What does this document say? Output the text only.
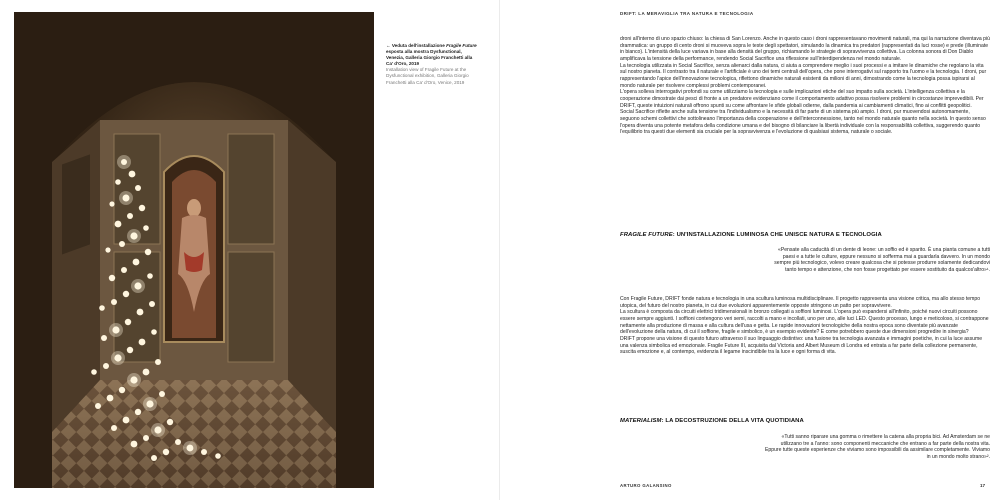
← Veduta dell'installazione Fragile Future esposta alla mostra Dysfunctional, Venezia, Galleria Giorgio Franchetti alla Ca' d'Oro, 2019
Installation view of Fragile Future at the Dysfunctional exhibition, Galleria Giorgio Franchetti alla Ca' d'Oro, Venice, 2019
DRIFT: LA MERAVIGLIA TRA NATURA E TECNOLOGIA

droni all'interno di uno spazio chiuso: la chiesa di San Lorenzo. Anche in questo caso i droni rappresentavano movimenti naturali, ma qui la narrazione diventava più drammatica: un gruppo di cento droni si muoveva sopra le teste degli spettatori, simulando la dinamica tra predatori (rappresentati da luci rosse) e prede (illuminate in bianco). L'intensità della luce variava in base alla densità del gruppo, richiamando le strategie di sopravvivenza collettiva. La colonna sonora di Don Diablo amplificava la tensione della performance, rendendo Social Sacrifice una riflessione sull'interdipendenza nel mondo naturale.

La tecnologia utilizzata in Social Sacrifice, senza alienarci dalla natura, ci aiuta a comprendere meglio i suoi processi e a imitare le dinamiche che regolano la vita sul nostro pianeta. Il contrasto tra il naturale e l'artificiale è uno dei temi centrali dell'opera, che pone interrogativi sul rapporto tra l'uomo e la tecnologia. I droni, pur rappresentando l'apice dell'innovazione tecnologica, riflettono dinamiche naturali esistenti da milioni di anni, dimostrando come la tecnologia possa ispirarsi al mondo naturale per risolvere complessi problemi contemporanei.

L'opera solleva interrogativi profondi su come utilizziamo la tecnologia e sulle implicazioni etiche del suo impatto sulla società. L'intelligenza collettiva e la cooperazione dimostrate dai pesci di fronte a un predatore evidenziano come il comportamento adattivo possa risolvere problemi in circostanze imprevedibili. Per DRIFT, queste intuizioni naturali offrono spunti su come affrontare le sfide globali odierne, dalla pandemia ai cambiamenti climatici, fino ai conflitti geopolitici.

Social Sacrifice riflette anche sulla tensione tra l'individualismo e la necessità di far parte di un sistema più ampio. I droni, pur muovendosi autonomamente, seguono schemi collettivi che sottolineano l'importanza della cooperazione e dell'interconnessione, tanto nel mondo naturale quanto nella società. In questo senso l'opera diventa una potente metafora della condizione umana e del bisogno di bilanciare la libertà individuale con la responsabilità collettiva, suggerendo quanto l'equilibrio tra questi due elementi sia cruciale per la sopravvivenza e l'evoluzione di qualsiasi sistema, naturale o sociale.

FRAGILE FUTURE: UN'INSTALLAZIONE LUMINOSA CHE UNISCE NATURA E TECNOLOGIA
«Pensate alla caducità di un dente di leone: un soffio ed è sparito. È una pianta comune a tutti paesi e a tutte le culture, eppure nessuno si sofferma mai a guardarla davvero. In un mondo sempre più tecnologico, volevo creare qualcosa che si potesse produrre solamente dedicandovi tanto tempo e attenzione, che non fosse progettato per essere sostituito da qualcos'altro»¹.

Con Fragile Future, DRIFT fonde natura e tecnologia in una scultura luminosa multidisciplinare. Il progetto rappresenta una visione critica, ma allo stesso tempo utopica, del futuro del nostro pianeta, in cui due evoluzioni apparentemente opposte stringono un patto per sopravvivere.

La scultura è composta da circuiti elettrici tridimensionali in bronzo collegati a soffioni luminosi. L'opera può espandersi all'infinito, poiché nuovi circuiti possono essere sempre aggiunti. I soffioni contengono veri semi, raccolti a mano e incollati, uno per uno, alle luci LED. Questo processo, lungo e meticoloso, si contrappone nettamente alla produzione di massa e alla cultura dell'usa e getta. Le rapide innovazioni tecnologiche della nostra epoca sono diventate più avanzate dell'evoluzione della natura, di cui il soffione, fragile e simbolico, è un esempio evidente? E come potrebbero queste due dimensioni progredire in sinergia?

DRIFT propone una visione di questo futuro attraverso il suo linguaggio distintivo: una fusione tra tecnologia avanzata e immagini poetiche, in cui la luce assume una valenza simbolica ed emozionale. Fragile Future III, acquisita dal Victoria and Albert Museum di Londra ed entrata a far parte della collezione permanente, suscita emozione e, al contempo, evidenzia il legame inscindibile tra la luce e ogni forma di vita.

MATERIALISM: LA DECOSTRUZIONE DELLA VITA QUOTIDIANA
«Tutti sanno riparare una gomma o rimettere la catena alla propria bici. Ad Amsterdam se ne utilizzano tre a l'anno: sono componenti meccaniche che entrano a far parte della nostra vita. Eppure tutte queste esperienze che viviamo sono impossibili da assimilare completamente. Viviamo in un mondo molto strano»².
ARTURO GALANSINO	17
